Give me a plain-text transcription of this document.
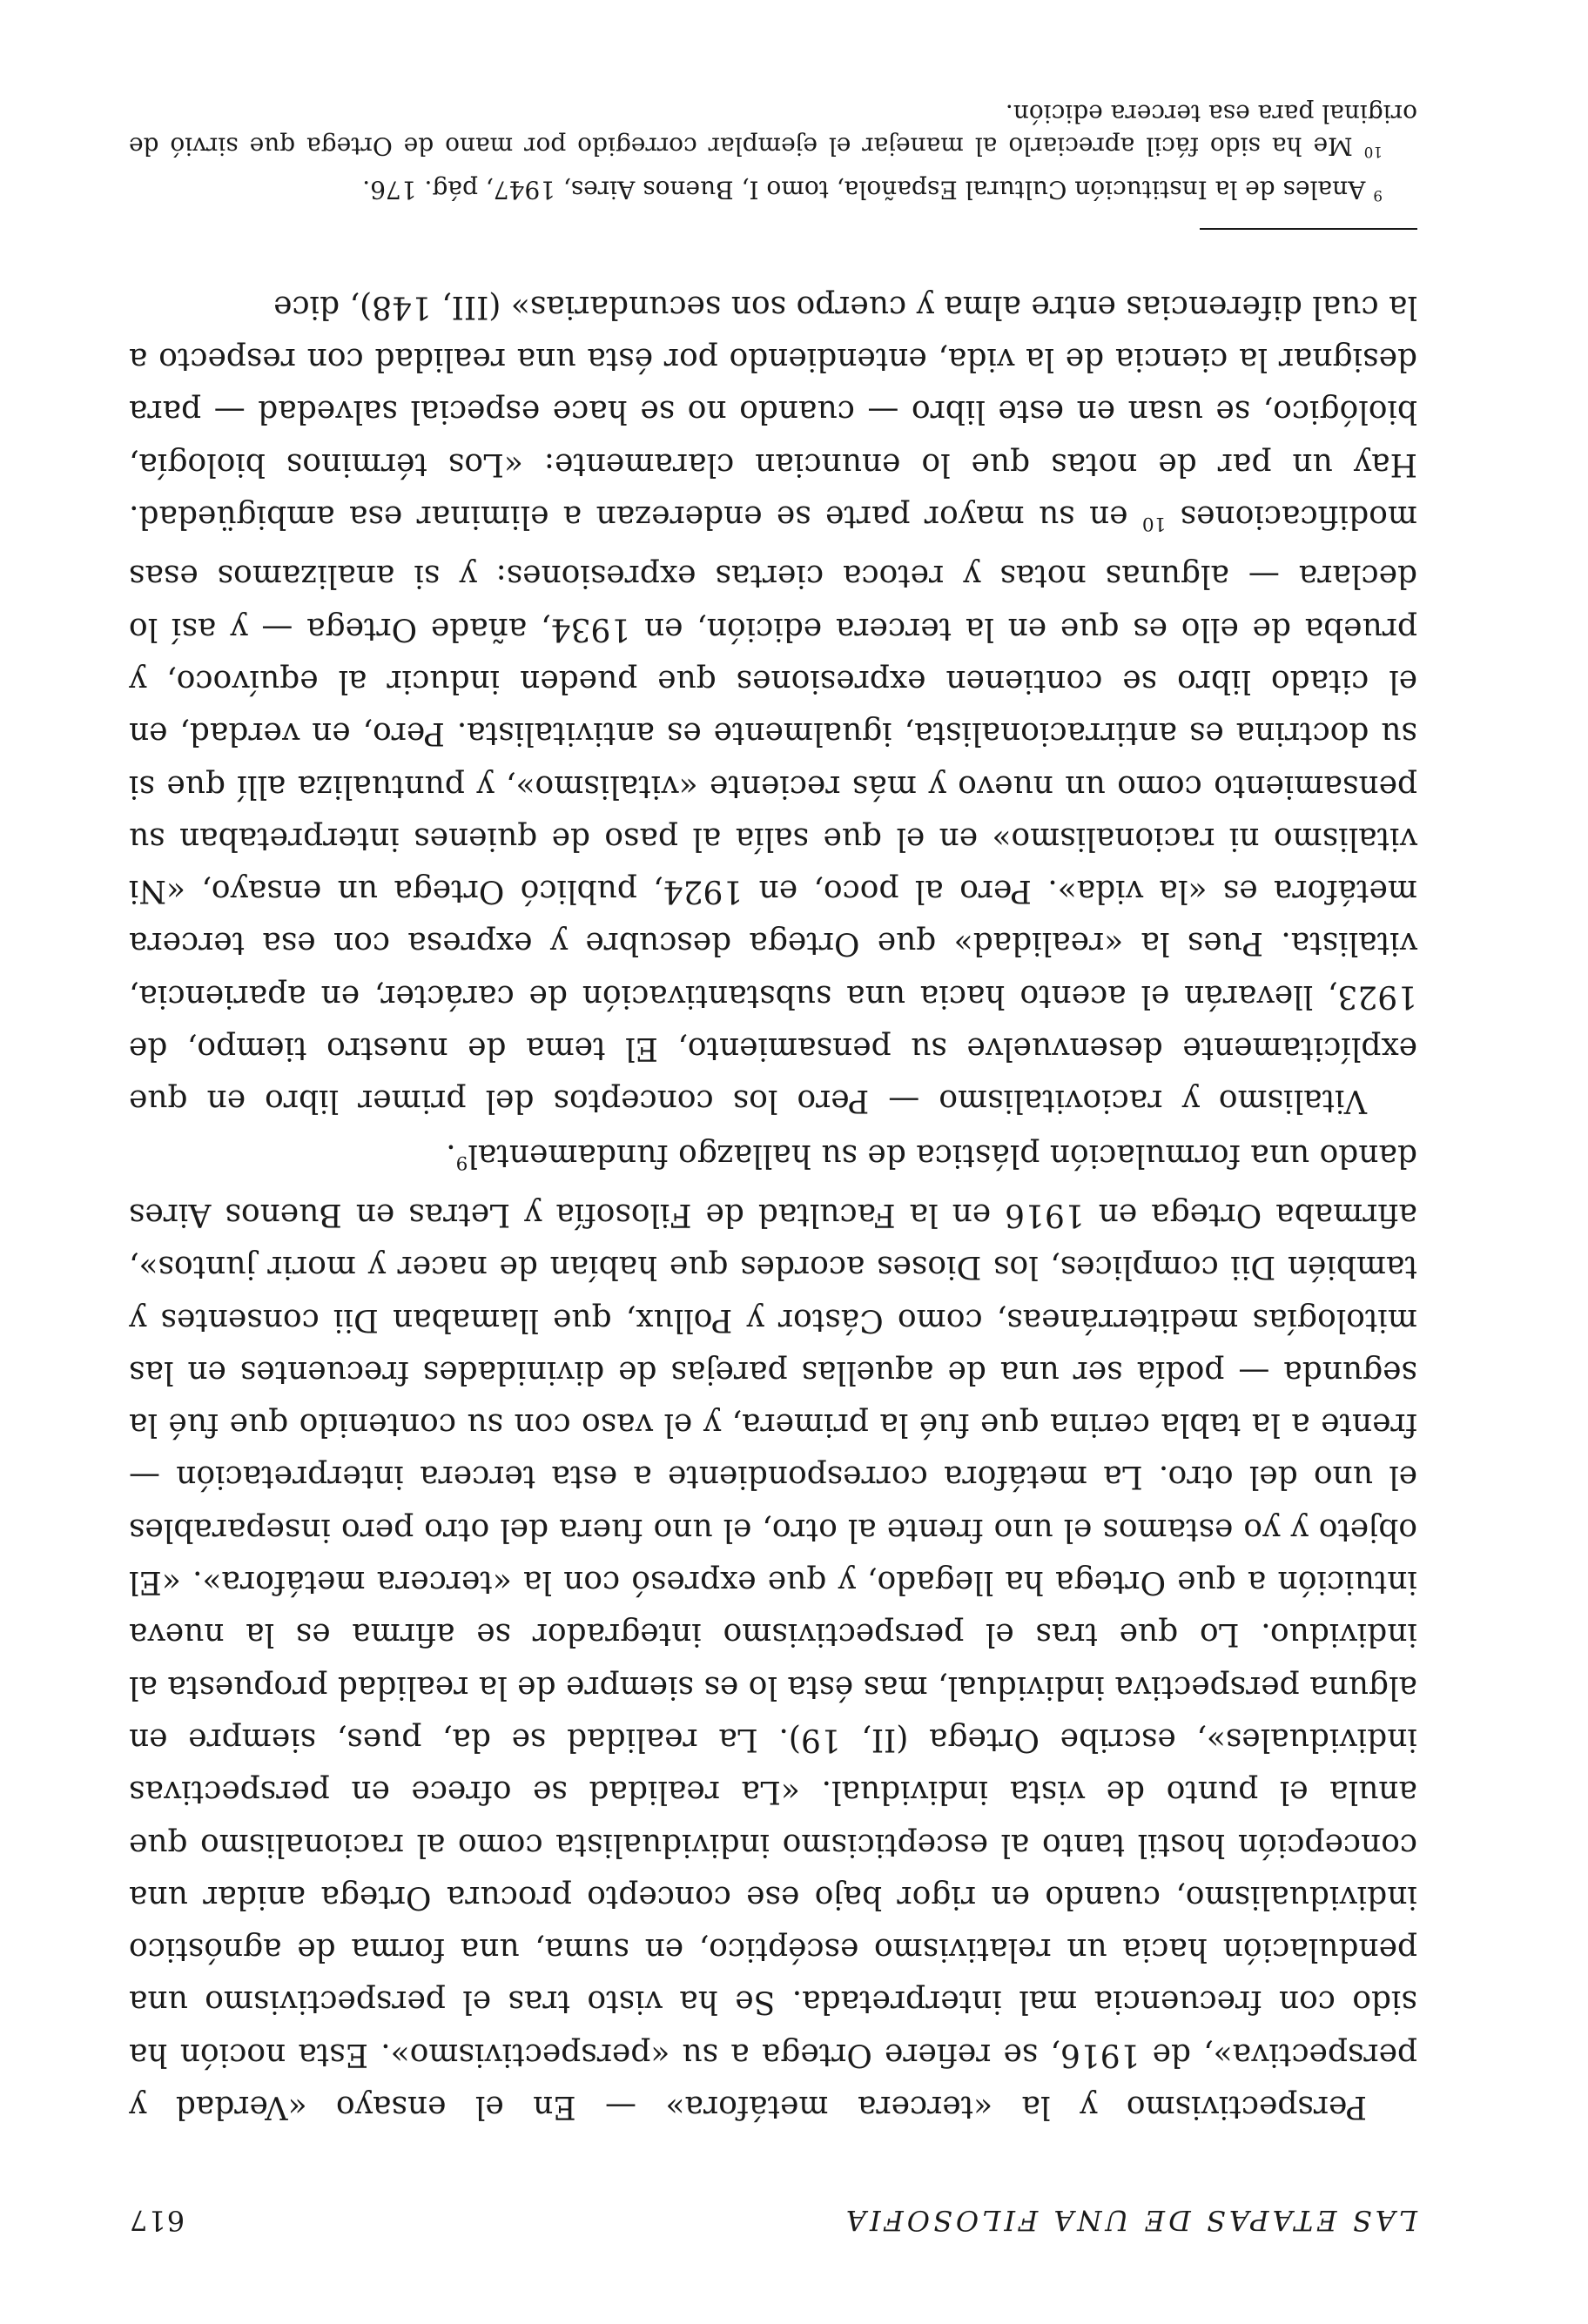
LAS ETAPAS DE UNA FILOSOFIA
617

Perspectivismo y la «tercera metáfora» — En el ensayo «Verdad y perspectiva», de 1916, se refiere Ortega a su «perspectivismo». Esta noción ha sido con frecuencia mal interpretada. Se ha visto tras el perspectivismo una pendulación hacia un relativismo escéptico, en suma, una forma de agnóstico individualismo, cuando en rigor bajo ese concepto procura Ortega anidar una concepción hostil tanto al escepticismo individualista como al racionalismo que anula el punto de vista individual. «La realidad se ofrece en perspectivas individuales», escribe Ortega (II, 19). La realidad se da, pues, siempre en alguna perspectiva individual, mas ésta lo es siempre de la realidad propuesta al individuo. Lo que tras el perspectivismo integrador se afirma es la nueva intuición a que Ortega ha llegado, y que expresó con la «tercera metáfora». «El objeto y yo estamos el uno frente al otro, el uno fuera del otro pero inseparables el uno del otro. La metáfora correspondiente a esta tercera interpretación — frente a la tabla cerina que fué la primera, y el vaso con su contenido que fué la segunda — podía ser una de aquellas parejas de divinidades frecuentes en las mitologías mediterráneas, como Cástor y Pollux, que llamaban Dii consentes y también Dii complices, los Dioses acordes que habían de nacer y morir juntos», afirmaba Ortega en 1916 en la Facultad de Filosofía y Letras en Buenos Aires dando una formulación plástica de su hallazgo fundamental$^9$.

Vitalismo y raciovitalismo — Pero los conceptos del primer libro en que explícitamente desenvuelve su pensamiento, El tema de nuestro tiempo, de 1923, llevarán el acento hacia una substantivación de carácter, en apariencia, vitalista. Pues la «realidad» que Ortega descubre y expresa con esa tercera metáfora es «la vida». Pero al poco, en 1924, publicó Ortega un ensayo, «Ni vitalismo ni racionalismo» en el que salía al paso de quienes interpretaban su pensamiento como un nuevo y más reciente «vitalismo», y puntualiza allí que si su doctrina es antirracionalista, igualmente es antivitalista. Pero, en verdad, en el citado libro se contienen expresiones que pueden inducir al equívoco, y prueba de ello es que en la tercera edición, en 1934, añade Ortega — y así lo declara — algunas notas y retoca ciertas expresiones: y si analizamos esas modificaciones $^{10}$ en su mayor parte se enderezan a eliminar esa ambigüedad. Hay un par de notas que lo enuncian claramente: «Los términos biología, biológico, se usan en este libro — cuando no se hace especial salvedad — para designar la ciencia de la vida, entendiendo por ésta una realidad con respecto a la cual diferencias entre alma y cuerpo son secundarias» (III, 148), dice

$^9$ Anales de la Institución Cultural Española, tomo I, Buenos Aires, 1947, pág. 176.

$^{10}$ Me ha sido fácil apreciarlo al manejar el ejemplar corregido por mano de Ortega que sirvió de original para esa tercera edición.
